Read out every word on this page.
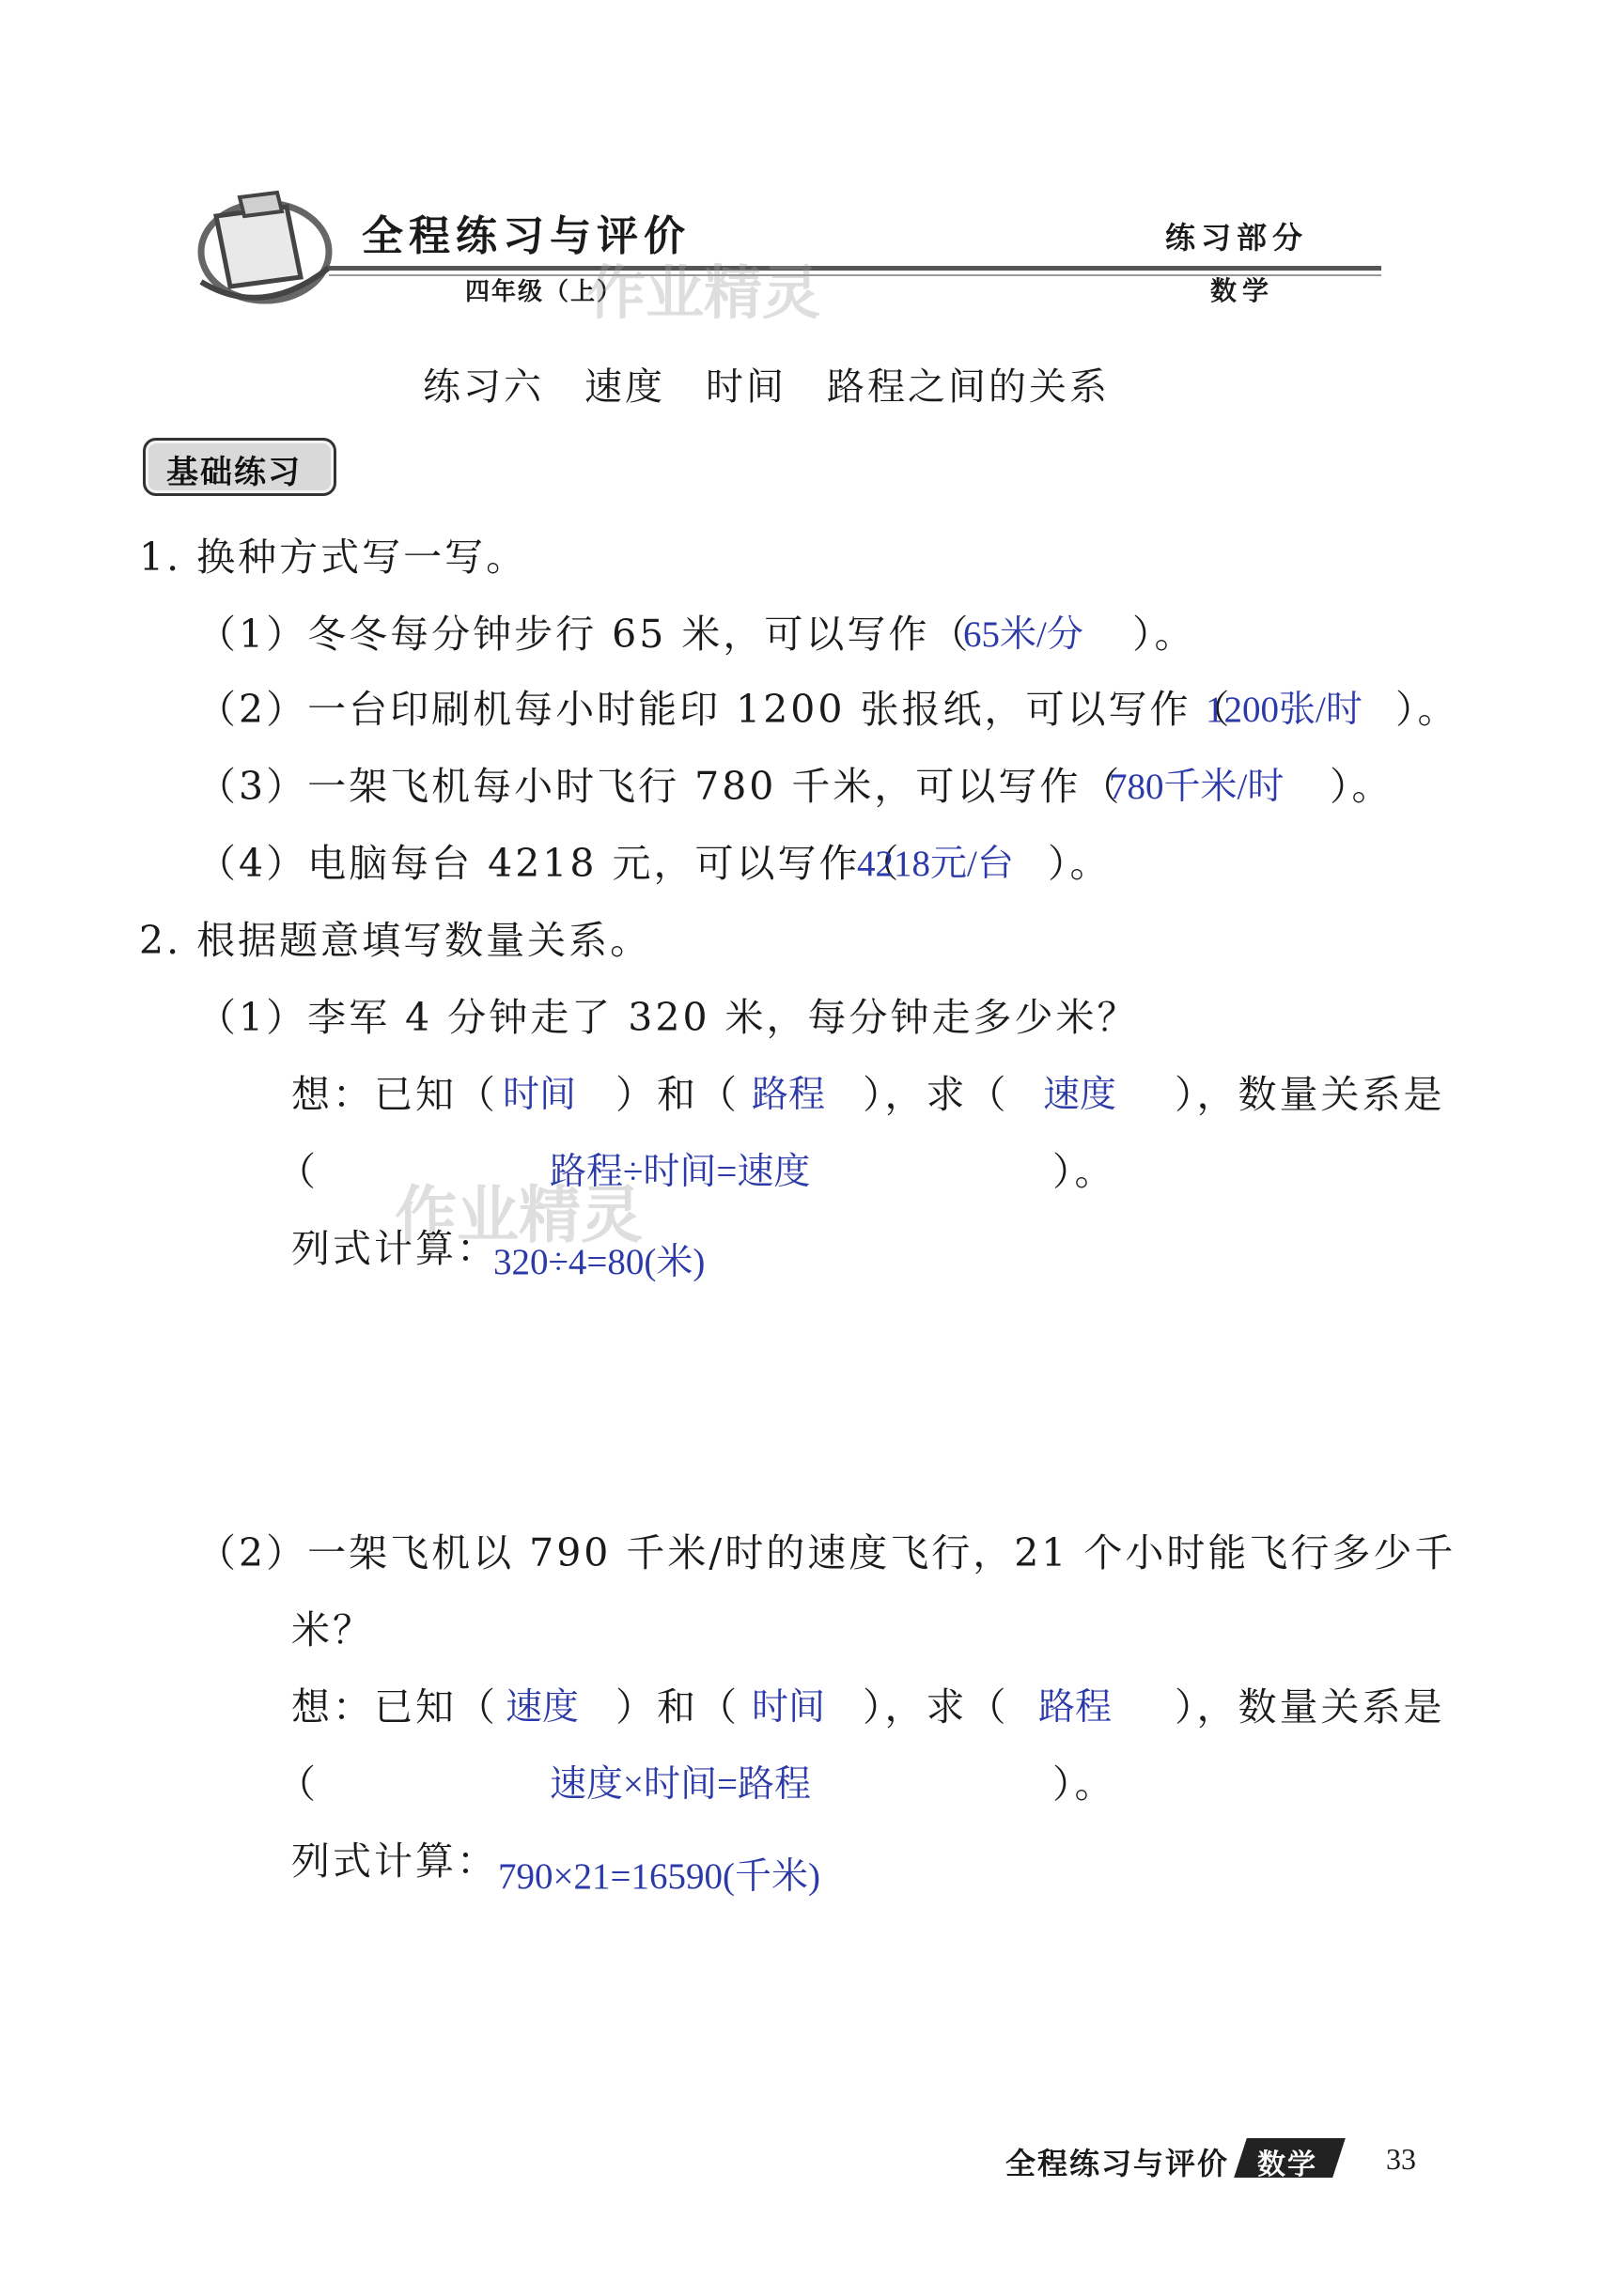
全程练习与评价
四年级（上）
练习部分
数学
作业精灵
练习六　速度　时间　路程之间的关系
基础练习
1. 换种方式写一写。
（1）冬冬每分钟步行 65 米，可以写作（
65米/分 ）。
（2）一台印刷机每小时能印 1200 张报纸，可以写作（
1200张/时 ）。
（3）一架飞机每小时飞行 780 千米，可以写作（
780千米/时 ）。
（4）电脑每台 4218 元，可以写作（
4218元/台 ）。
2. 根据题意填写数量关系。
（1）李军 4 分钟走了 320 米，每分钟走多少米？
想：已知（ 时间 ）和（ 路程 ），求（ 速度 ），数量关系是
（	路程÷时间=速度	）。
作业精灵
列式计算：
320÷4=80(米)
（2）一架飞机以 790 千米/时的速度飞行，21 个小时能飞行多少千
米？
想：已知（ 速度 ）和（ 时间 ），求（ 路程 ），数量关系是
（	速度×时间=路程	）。
列式计算： 790×21=16590(千米)
全程练习与评价 数学 33
